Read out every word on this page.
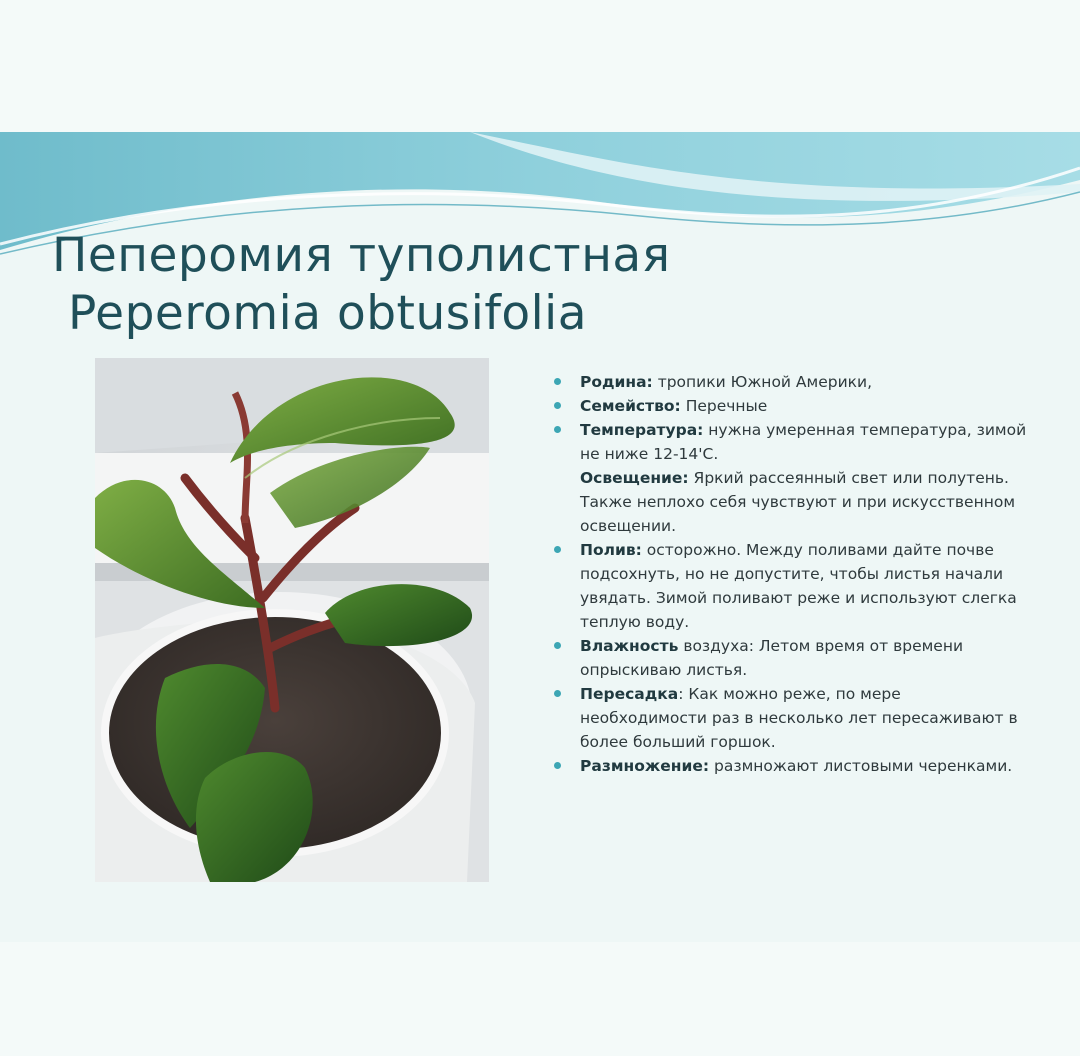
Пеперомия туполистная
Peperomia obtusifolia
Родина: тропики Южной Америки,
Семейство: Перечные
Температура: нужна умеренная температура, зимой не ниже 12-14'С.
Освещение: Яркий рассеянный свет или полутень. Также неплохо себя чувствуют и при искусственном освещении.
Полив: осторожно. Между поливами дайте почве подсохнуть, но не допустите, чтобы листья начали увядать. Зимой поливают реже и используют слегка теплую воду.
Влажность воздуха: Летом время от времени опрыскиваю листья.
Пересадка: Как можно реже, по мере необходимости раз в несколько лет пересаживают в более больший горшок.
Размножение: размножают листовыми черенками.
